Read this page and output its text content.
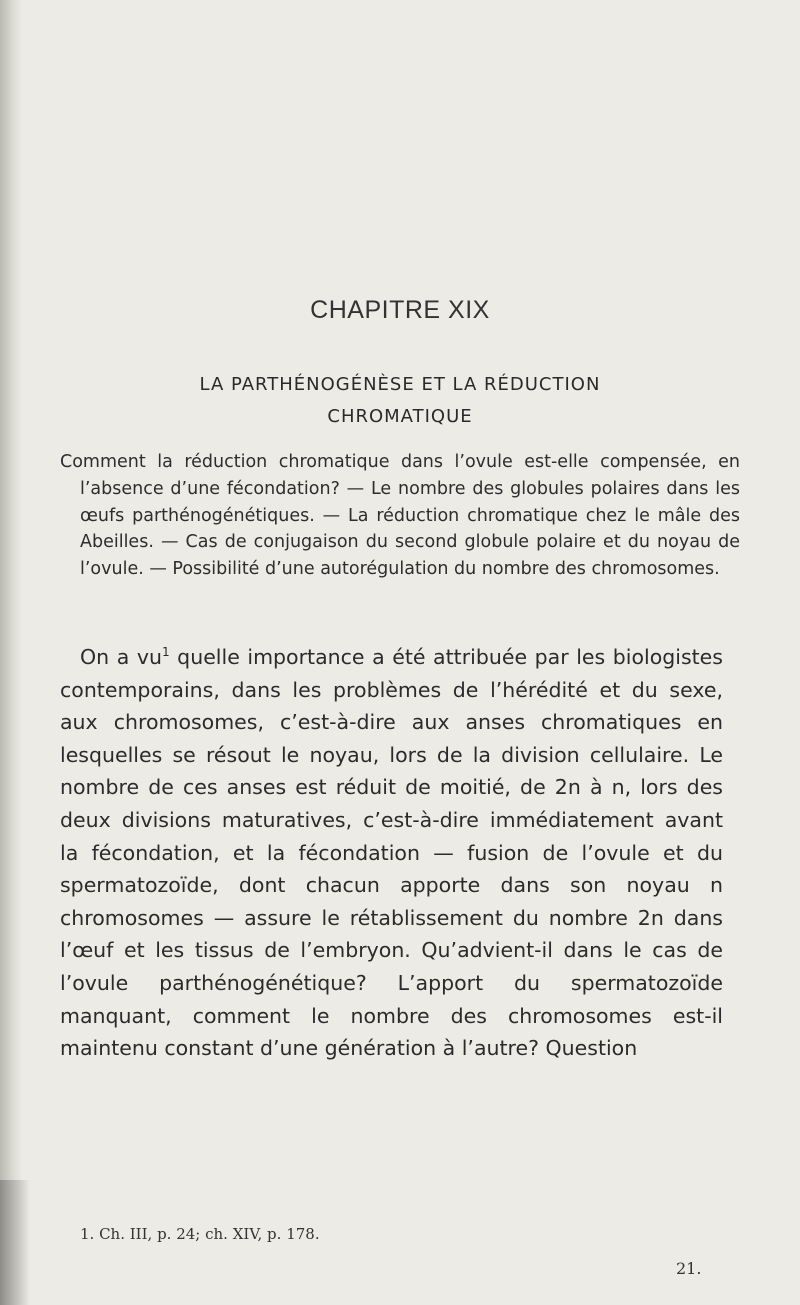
CHAPITRE XIX
LA PARTHÉNOGÉNÈSE ET LA RÉDUCTION
CHROMATIQUE
Comment la réduction chromatique dans l’ovule est-elle compensée, en l’absence d’une fécondation? — Le nombre des globules polaires dans les œufs parthénogénétiques. — La réduction chromatique chez le mâle des Abeilles. — Cas de conjugaison du second globule polaire et du noyau de l’ovule. — Possibilité d’une autorégulation du nombre des chromosomes.

On a $vu^1$ quelle importance a été attribuée par les biologistes contemporains, dans les problèmes de l’hérédité et du sexe, aux chromosomes, c’est-à-dire aux anses chromatiques en lesquelles se résout le noyau, lors de la division cellulaire. Le nombre de ces anses est réduit de moitié, de 2n à n, lors des deux divisions maturatives, c’est-à-dire immédiatement avant la fécondation, et la fécondation — fusion de l’ovule et du spermatozoïde, dont chacun apporte dans son noyau n chromosomes — assure le rétablissement du nombre 2n dans l’œuf et les tissus de l’embryon. Qu’advient-il dans le cas de l’ovule parthénogénétique? L’apport du spermatozoïde manquant, comment le nombre des chromosomes est-il maintenu constant d’une génération à l’autre? Question

1. Ch. III, p. 24; ch. XIV, p. 178.
21.
